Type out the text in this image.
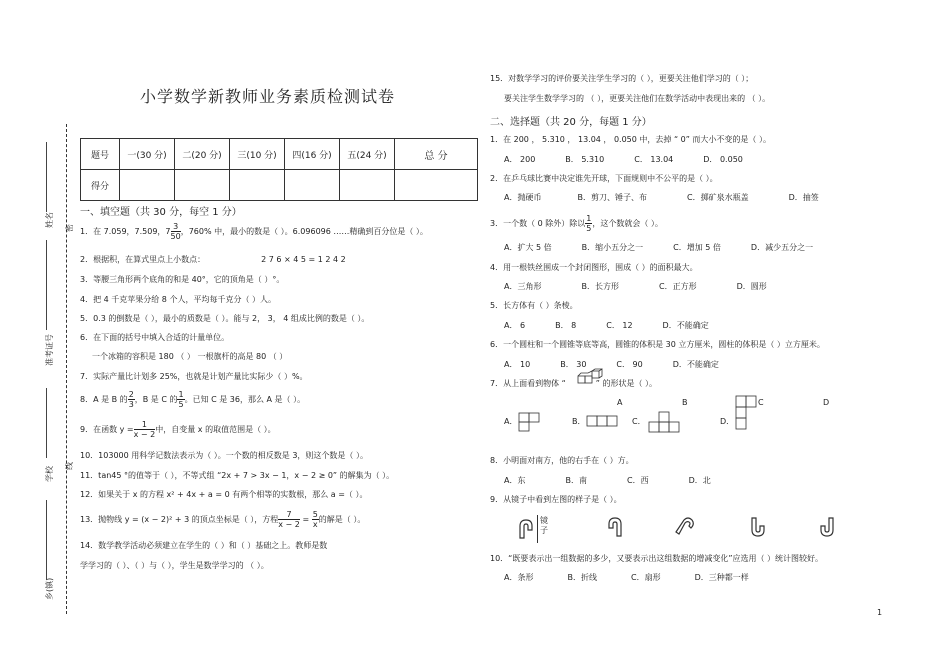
姓名
准考证号
学校
乡(镇)
密
线
小学数学新教师业务素质检测试卷
题号	一(30 分)	二(20 分)	三(10 分)	四(16 分)	五(24 分)	总 分
得分						
一、填空题（共 30 分，每空 1 分）
1．在 7.059，7.509，$7 \frac{3}{50}$ ，760% 中，最小的数是（ ）。6.096096 ……精确到百分位是（ ）。
2．根据积，在算式里点上小数点：	2 7 6 × 4 5 = 1 2 4 2
3．等腰三角形两个底角的和是 40°，它的顶角是（ ）°。
4．把 4 千克苹果分给 8 个人，平均每千克分（ ）人。
5．0.3 的倒数是（ ），最小的质数是（ ）。能与 2， 3， 4 组成比例的数是（ ）。
6．在下面的括号中填入合适的计量单位。
一个冰箱的容积是 180 （ ） 一根旗杆的高是 80 （ ）
7．实际产量比计划多 25%，也就是计划产量比实际少（ ）%。
8．A 是 B 的 $\frac{2}{3}$ ，B 是 C 的 $\frac{1}{5}$ 。已知 C 是 36，那么 A 是（ ）。
9．在函数 $y = \frac{1}{x - 2}$ 中，自变量 x 的取值范围是（ ）。
10．103000 用科学记数法表示为（ ）。一个数的相反数是 3，则这个数是（ ）。
11．tan45 °的值等于（ ），不等式组 “2x + 7 > 3x − 1，x − 2 ≥ 0” 的解集为（ ）。
12．如果关于 x 的方程 x² + 4x + a = 0 有两个相等的实数根，那么 a =（ ）。
13．抛物线 y = (x − 2)² + 3 的顶点坐标是（ ），方程 $\frac{7}{x - 2} = \frac{5}{x}$ 的解是（ ）。
14．数学教学活动必须建立在学生的（ ）和（ ）基础之上。教师是数
学学习的（ ）、（ ）与（ ），学生是数学学习的 （ ）。
15．对数学学习的评价要关注学生学习的（ ），更要关注他们学习的（ ）；
要关注学生数学学习的 （ ），更要关注他们在数学活动中表现出来的 （ ）。
二、选择题（共 20 分，每题 1 分）
1．在 200 ， 5.310 ， 13.04 ， 0.050 中，去掉 “ 0” 而大小不变的是（ ）。
A． 200	B． 5.310	C． 13.04	D． 0.050
2．在乒乓球比赛中决定谁先开球，下面规则中不公平的是（ ）。
A．抛硬币	B．剪刀、锤子、布	C．掷矿泉水瓶盖	D．抽签
3．一个数（ 0 除外）除以 $\frac{1}{5}$ ，这个数就会（ ）。
A．扩大 5 倍	B．缩小五分之一	C．增加 5 倍	D．减少五分之一
4．用一根铁丝围成一个封闭图形，围成（ ）的面积最大。
A．三角形	B．长方形	C．正方形	D．圆形
5．长方体有（ ）条棱。
A． 6	B． 8	C． 12	D．不能确定
6．一个圆柱和一个圆锥等底等高，圆锥的体积是 30 立方厘米，圆柱的体积是（ ）立方厘米。
A． 10	B． 30	C． 90	D．不能确定
7．从上面看到物体 “	” 的形状是（ ）。
A	B	C	D
A．	B．	C．	D．
8．小明面对南方，他的右手在（ ）方。
A．东	B．南	C．西	D．北
9．从镜子中看到左图的样子是（ ）。
镜子
10．“既要表示出一组数据的多少，又要表示出这组数据的增减变化”应选用（ ）统计图较好。
A．条形	B．折线	C．扇形	D．三种都一样
1
